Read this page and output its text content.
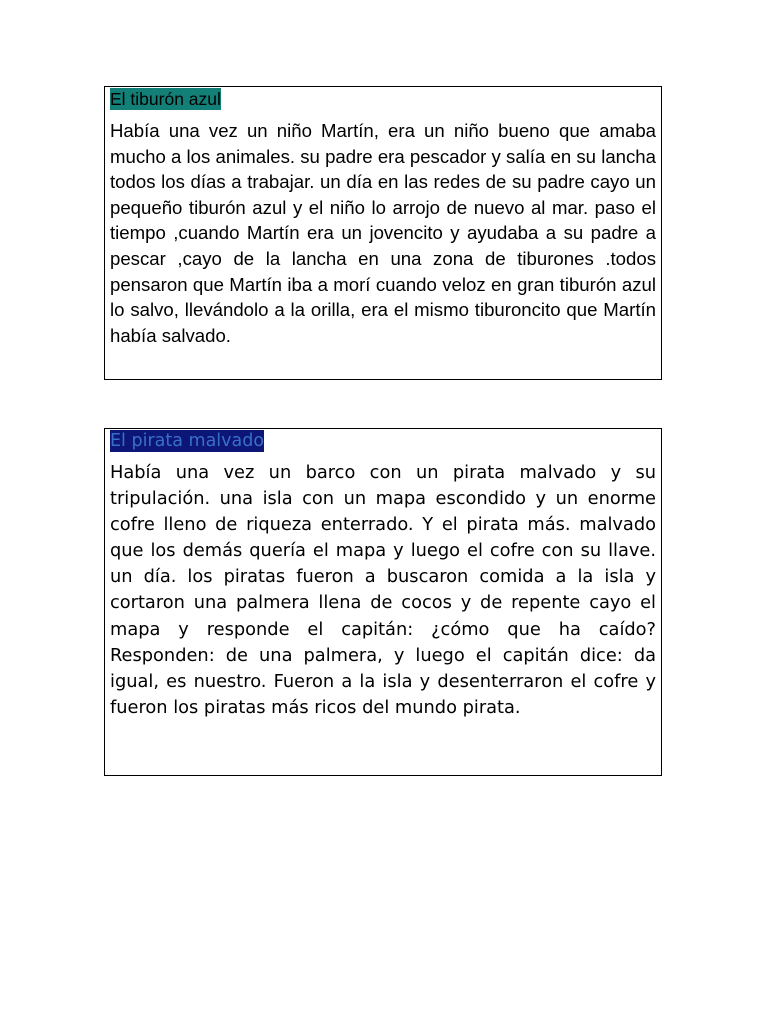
El tiburón azul

Había una vez un niño Martín, era un niño bueno que amaba mucho a los animales. su padre era pescador y salía en su lancha todos los días a trabajar. un día en las redes de su padre cayo un pequeño tiburón azul y el niño lo arrojo de nuevo al mar. paso el tiempo ,cuando Martín era un jovencito y ayudaba a su padre a pescar ,cayo de la lancha en una zona de tiburones .todos pensaron que Martín iba a morí cuando veloz en gran tiburón azul lo salvo, llevándolo a la orilla, era el mismo tiburoncito que Martín había salvado.

El pirata malvado

Había una vez un barco con un pirata malvado y su tripulación. una isla con un mapa escondido y un enorme cofre lleno de riqueza enterrado. Y el pirata más. malvado que los demás quería el mapa y luego el cofre con su llave. un día. los piratas fueron a buscaron comida a la isla y cortaron una palmera llena de cocos y de repente cayo el mapa y responde el capitán: ¿cómo que ha caído? Responden: de una palmera, y luego el capitán dice: da igual, es nuestro. Fueron a la isla y desenterraron el cofre y fueron los piratas más ricos del mundo pirata.
